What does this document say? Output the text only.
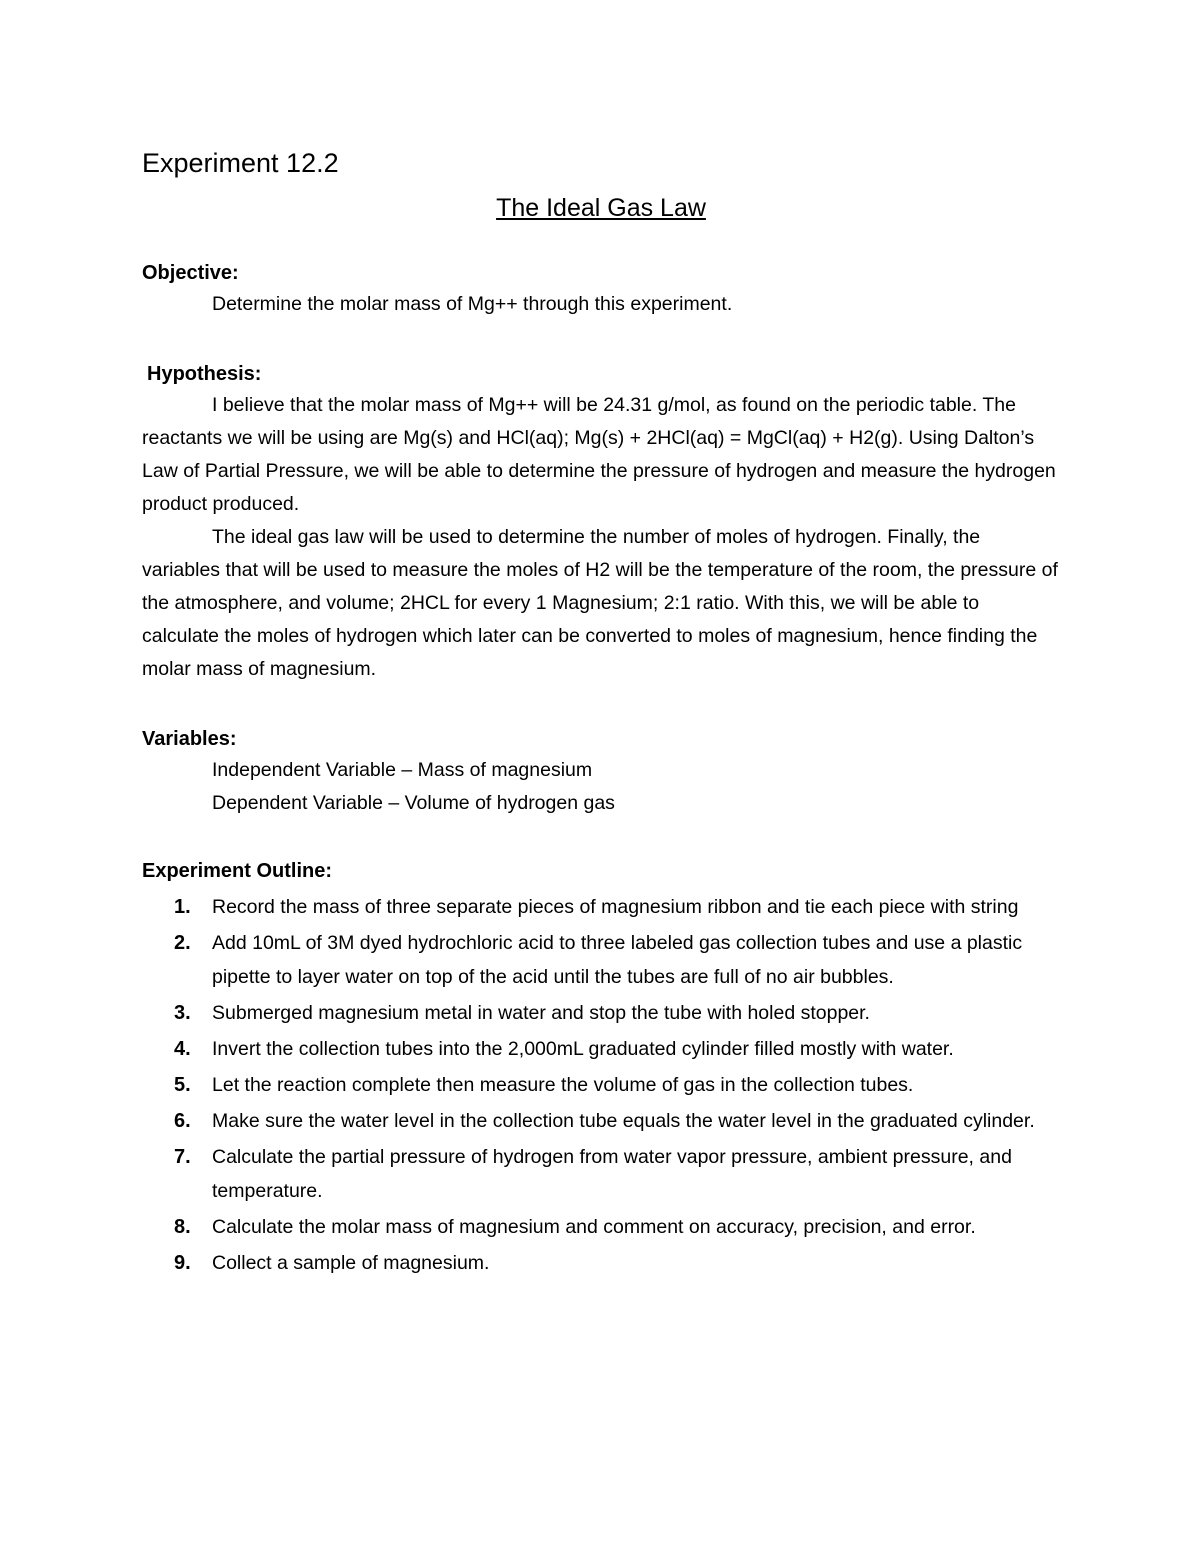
Experiment 12.2
The Ideal Gas Law

Objective:

Determine the molar mass of Mg++ through this experiment.

Hypothesis:

I believe that the molar mass of Mg++ will be 24.31 g/mol, as found on the periodic table. The reactants we will be using are Mg(s) and HCl(aq); Mg(s) + 2HCl(aq) = MgCl(aq) + H2(g). Using Dalton’s Law of Partial Pressure, we will be able to determine the pressure of hydrogen and measure the hydrogen product produced.

The ideal gas law will be used to determine the number of moles of hydrogen. Finally, the variables that will be used to measure the moles of H2 will be the temperature of the room, the pressure of the atmosphere, and volume; 2HCL for every 1 Magnesium; 2:1 ratio. With this, we will be able to calculate the moles of hydrogen which later can be converted to moles of magnesium, hence finding the molar mass of magnesium.

Variables:

Independent Variable – Mass of magnesium

Dependent Variable – Volume of hydrogen gas

Experiment Outline:

1. Record the mass of three separate pieces of magnesium ribbon and tie each piece with string
2. Add 10mL of 3M dyed hydrochloric acid to three labeled gas collection tubes and use a plastic pipette to layer water on top of the acid until the tubes are full of no air bubbles.
3. Submerged magnesium metal in water and stop the tube with holed stopper.
4. Invert the collection tubes into the 2,000mL graduated cylinder filled mostly with water.
5. Let the reaction complete then measure the volume of gas in the collection tubes.
6. Make sure the water level in the collection tube equals the water level in the graduated cylinder.
7. Calculate the partial pressure of hydrogen from water vapor pressure, ambient pressure, and temperature.
8. Calculate the molar mass of magnesium and comment on accuracy, precision, and error.
9. Collect a sample of magnesium.
